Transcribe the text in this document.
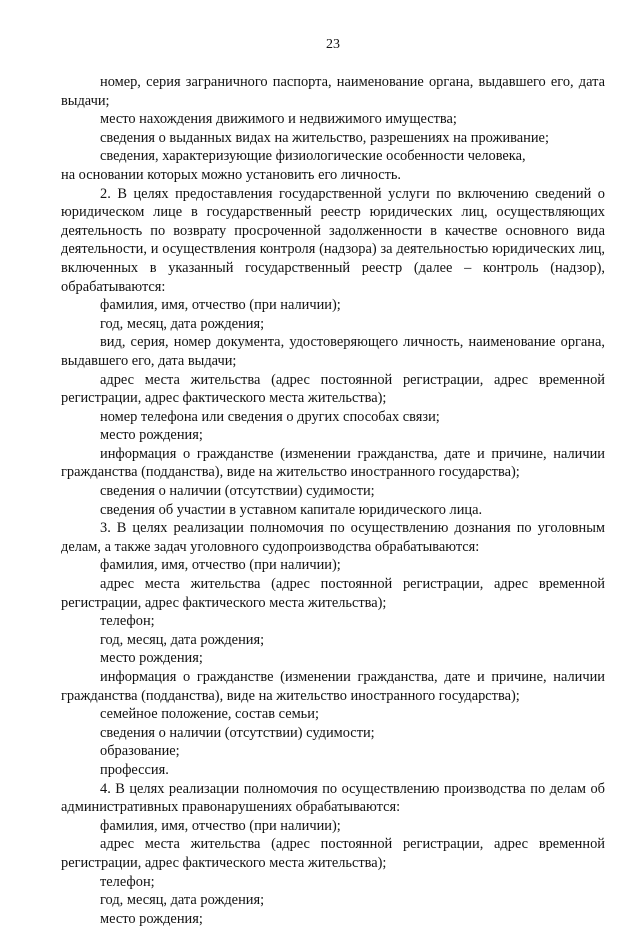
23

номер, серия заграничного паспорта, наименование органа, выдавшего его, дата выдачи;

место нахождения движимого и недвижимого имущества;

сведения о выданных видах на жительство, разрешениях на проживание;

сведения, характеризующие физиологические особенности человека,

на основании которых можно установить его личность.

2. В целях предоставления государственной услуги по включению сведений о юридическом лице в государственный реестр юридических лиц, осуществляющих деятельность по возврату просроченной задолженности в качестве основного вида деятельности, и осуществления контроля (надзора) за деятельностью юридических лиц, включенных в указанный государственный реестр (далее – контроль (надзор), обрабатываются:

фамилия, имя, отчество (при наличии);

год, месяц, дата рождения;

вид, серия, номер документа, удостоверяющего личность, наименование органа, выдавшего его, дата выдачи;

адрес места жительства (адрес постоянной регистрации, адрес временной регистрации, адрес фактического места жительства);

номер телефона или сведения о других способах связи;

место рождения;

информация о гражданстве (изменении гражданства, дате и причине, наличии гражданства (подданства), виде на жительство иностранного государства);

сведения о наличии (отсутствии) судимости;

сведения об участии в уставном капитале юридического лица.

3. В целях реализации полномочия по осуществлению дознания по уголовным делам, а также задач уголовного судопроизводства обрабатываются:

фамилия, имя, отчество (при наличии);

адрес места жительства (адрес постоянной регистрации, адрес временной регистрации, адрес фактического места жительства);

телефон;

год, месяц, дата рождения;

место рождения;

информация о гражданстве (изменении гражданства, дате и причине, наличии гражданства (подданства), виде на жительство иностранного государства);

семейное положение, состав семьи;

сведения о наличии (отсутствии) судимости;

образование;

профессия.

4. В целях реализации полномочия по осуществлению производства по делам об административных правонарушениях обрабатываются:

фамилия, имя, отчество (при наличии);

адрес места жительства (адрес постоянной регистрации, адрес временной регистрации, адрес фактического места жительства);

телефон;

год, месяц, дата рождения;

место рождения;
